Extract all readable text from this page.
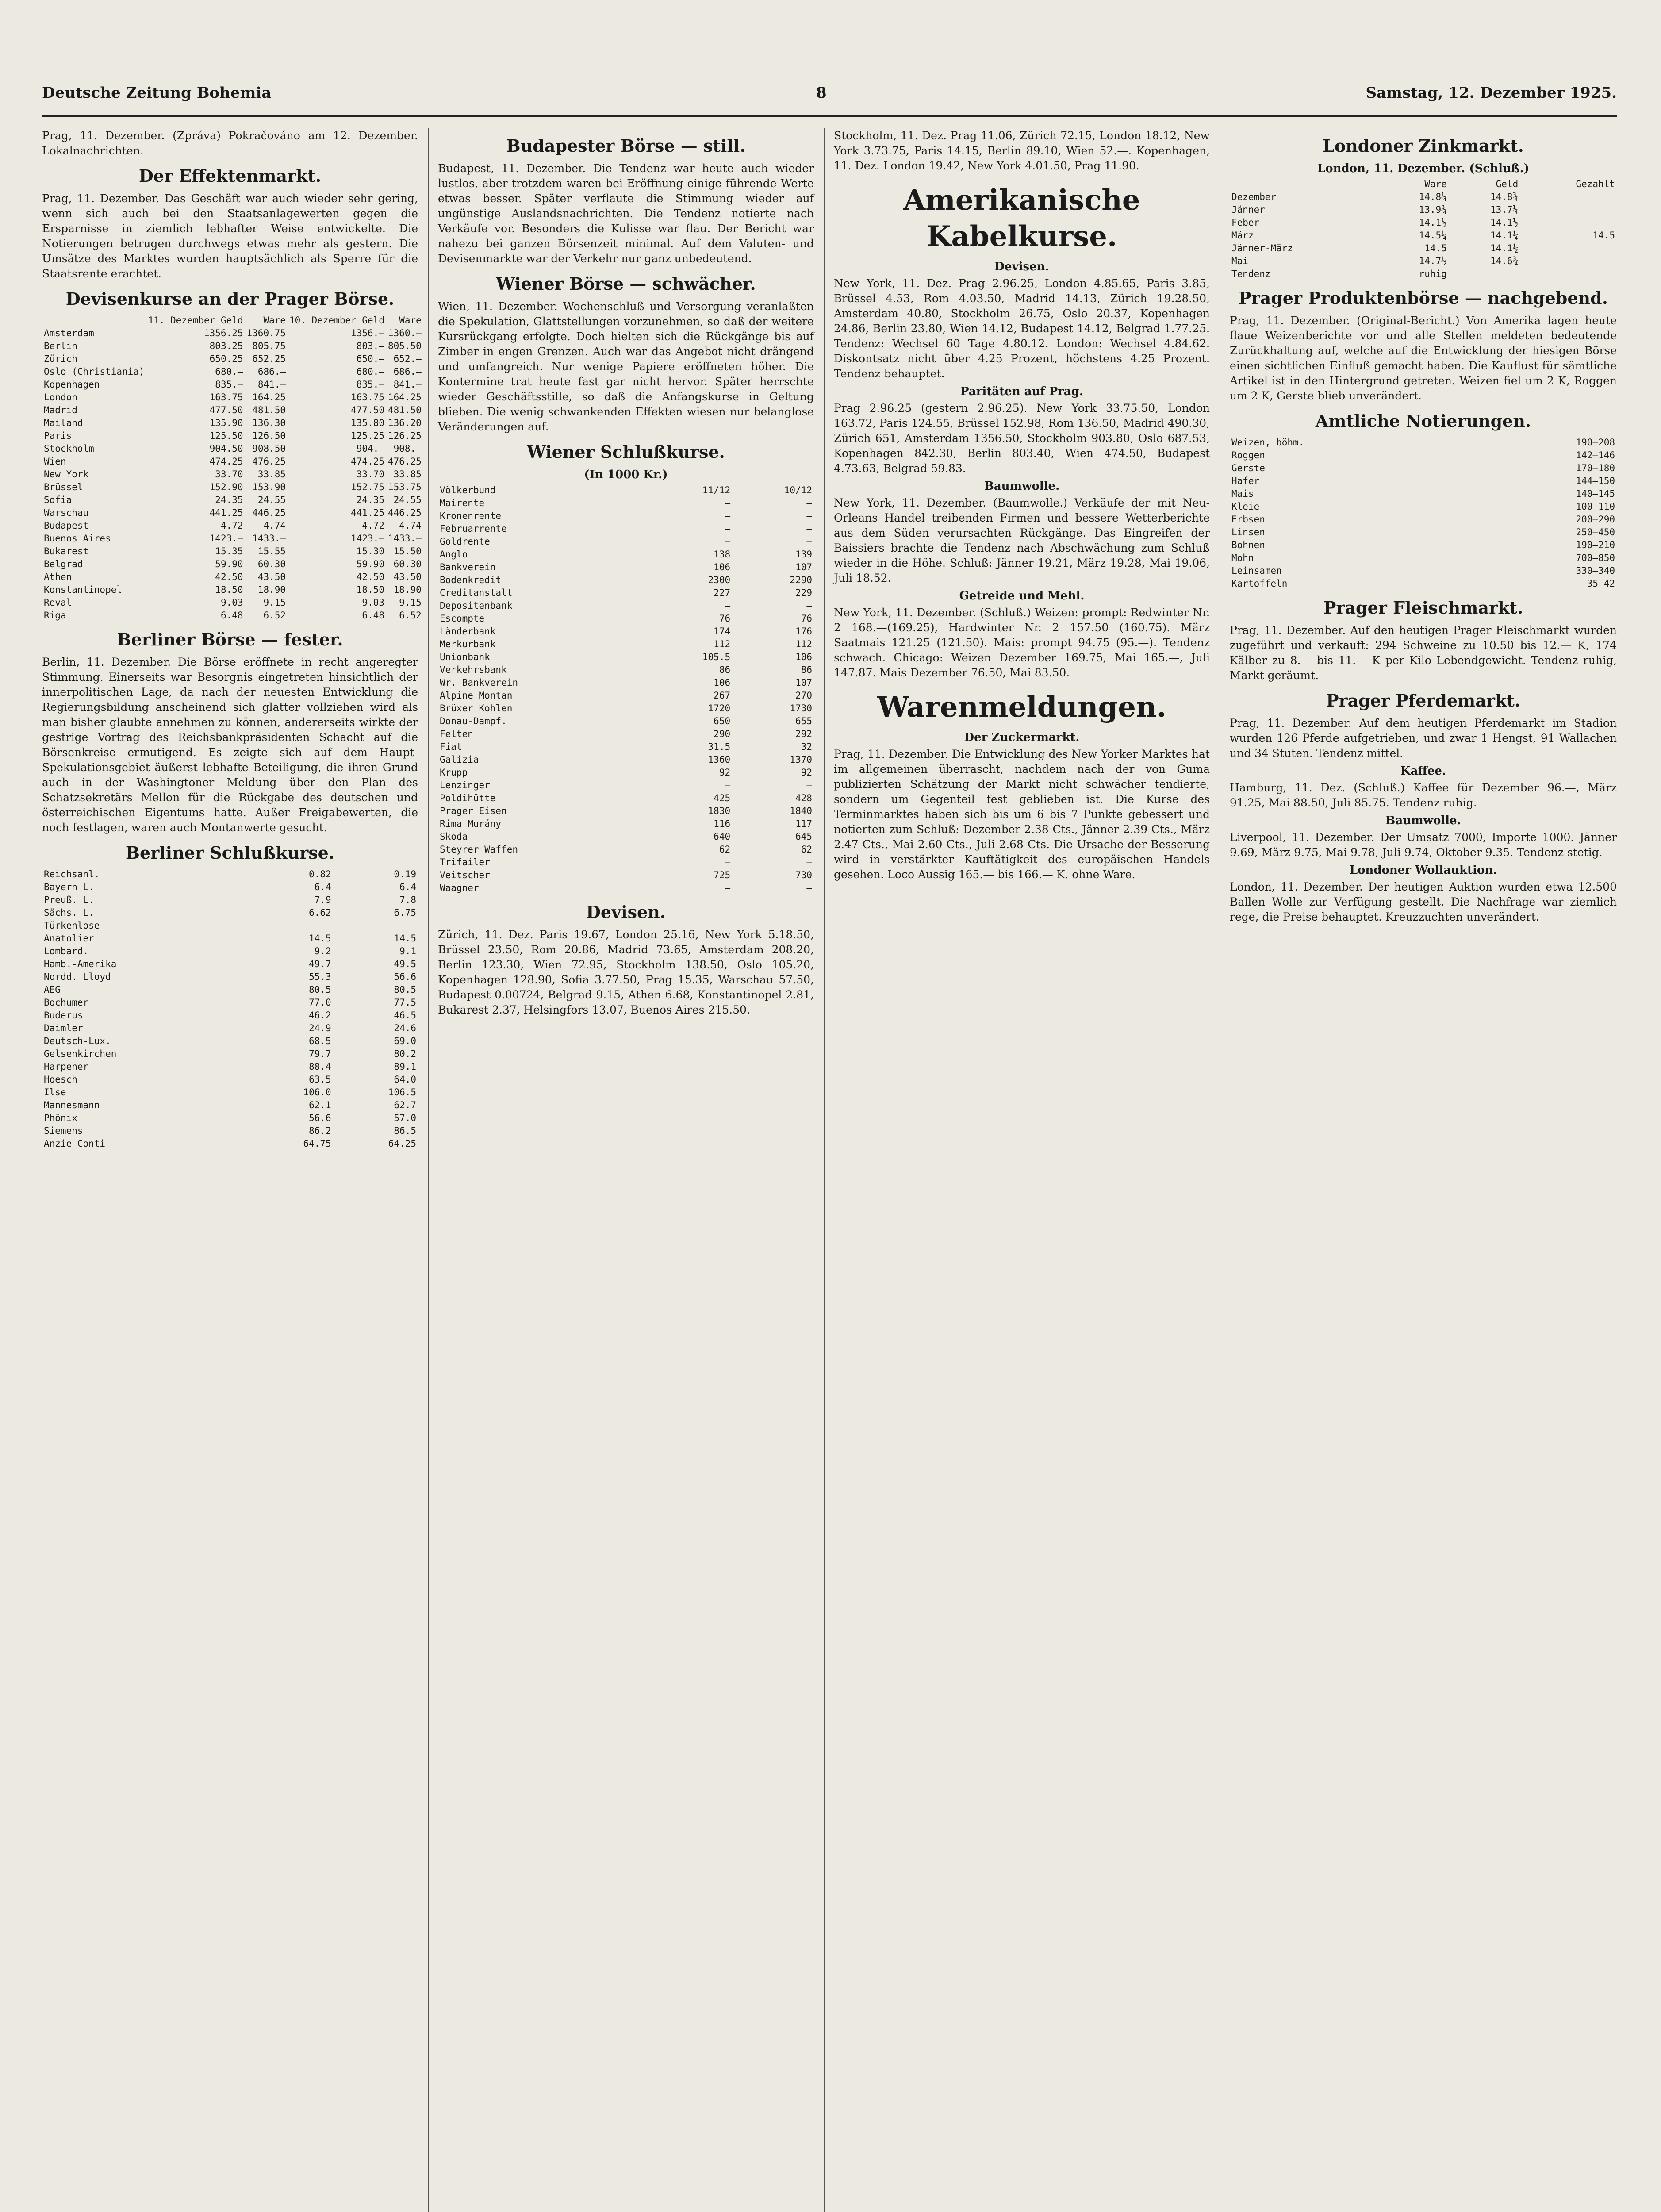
Deutsche Zeitung Bohemia	8	Samstag, 12. Dezember 1925.
Prag, 11. Dezember. (Zpráva) Pokračováno am 12. Dezember. Lokalnachrichten.
Der Effektenmarkt.
Prag, 11. Dezember. Das Geschäft war auch wieder sehr gering, wenn sich auch bei den Staatsanlagewerten gegen die Ersparnisse in ziemlich lebhafter Weise entwickelte. Die Notierungen betrugen durchwegs etwas mehr als gestern. Die Umsätze des Marktes wurden hauptsächlich als Sperre für die Staatsrente erachtet.
Devisenkurse an der Prager Börse.
	11. Dezember Geld	Ware	10. Dezember Geld	Ware
Amsterdam	1356.25	1360.75	1356.—	1360.—
Berlin	803.25	805.75	803.—	805.50
Zürich	650.25	652.25	650.—	652.—
Oslo (Christiania)	680.—	686.—	680.—	686.—
Kopenhagen	835.—	841.—	835.—	841.—
London	163.75	164.25	163.75	164.25
Madrid	477.50	481.50	477.50	481.50
Mailand	135.90	136.30	135.80	136.20
Paris	125.50	126.50	125.25	126.25
Stockholm	904.50	908.50	904.—	908.—
Wien	474.25	476.25	474.25	476.25
New York	33.70	33.85	33.70	33.85
Brüssel	152.90	153.90	152.75	153.75
Sofia	24.35	24.55	24.35	24.55
Warschau	441.25	446.25	441.25	446.25
Budapest	4.72	4.74	4.72	4.74
Buenos Aires	1423.—	1433.—	1423.—	1433.—
Bukarest	15.35	15.55	15.30	15.50
Belgrad	59.90	60.30	59.90	60.30
Athen	42.50	43.50	42.50	43.50
Konstantinopel	18.50	18.90	18.50	18.90
Reval	9.03	9.15	9.03	9.15
Riga	6.48	6.52	6.48	6.52
Berliner Börse — fester.
Berlin, 11. Dezember. Die Börse eröffnete in recht angeregter Stimmung. Einerseits war Besorgnis eingetreten hinsichtlich der innerpolitischen Lage, da nach der neuesten Entwicklung die Regierungsbildung anscheinend sich glatter vollziehen wird als man bisher glaubte annehmen zu können, andererseits wirkte der gestrige Vortrag des Reichsbankpräsidenten Schacht auf die Börsenkreise ermutigend. Es zeigte sich auf dem Haupt-Spekulationsgebiet äußerst lebhafte Beteiligung, die ihren Grund auch in der Washingtoner Meldung über den Plan des Schatzsekretärs Mellon für die Rückgabe des deutschen und österreichischen Eigentums hatte. Außer Freigabewerten, die noch festlagen, waren auch Montanwerte gesucht.
Berliner Schlußkurse.
Reichsanl.	0.82	0.19
Bayern L.	6.4	6.4
Preuß. L.	7.9	7.8
Sächs. L.	6.62	6.75
Türkenlose	—	—
Anatolier	14.5	14.5
Lombard.	9.2	9.1
Hamb.-Amerika	49.7	49.5
Nordd. Lloyd	55.3	56.6
AEG	80.5	80.5
Bochumer	77.0	77.5
Buderus	46.2	46.5
Daimler	24.9	24.6
Deutsch-Lux.	68.5	69.0
Gelsenkirchen	79.7	80.2
Harpener	88.4	89.1
Hoesch	63.5	64.0
Ilse	106.0	106.5
Mannesmann	62.1	62.7
Phönix	56.6	57.0
Siemens	86.2	86.5
Anzie Conti	64.75	64.25
Budapester Börse — still.
Budapest, 11. Dezember. Die Tendenz war heute auch wieder lustlos, aber trotzdem waren bei Eröffnung einige führende Werte etwas besser. Später verflaute die Stimmung wieder auf ungünstige Auslandsnachrichten. Die Tendenz notierte nach Verkäufe vor. Besonders die Kulisse war flau. Der Bericht war nahezu bei ganzen Börsenzeit minimal. Auf dem Valuten- und Devisenmarkte war der Verkehr nur ganz unbedeutend.
Wiener Börse — schwächer.
Wien, 11. Dezember. Wochenschluß und Versorgung veranlaßten die Spekulation, Glattstellungen vorzunehmen, so daß der weitere Kursrückgang erfolgte. Doch hielten sich die Rückgänge bis auf Zimber in engen Grenzen. Auch war das Angebot nicht drängend und umfangreich. Nur wenige Papiere eröffneten höher. Die Kontermine trat heute fast gar nicht hervor. Später herrschte wieder Geschäftsstille, so daß die Anfangskurse in Geltung blieben. Die wenig schwankenden Effekten wiesen nur belanglose Veränderungen auf.
Wiener Schlußkurse.
(In 1000 Kr.)
Völkerbund	11/12	10/12
Mairente	—	—
Kronenrente	—	—
Februarrente	—	—
Goldrente	—	—
Anglo	138	139
Bankverein	106	107
Bodenkredit	2300	2290
Creditanstalt	227	229
Depositenbank	—	—
Escompte	76	76
Länderbank	174	176
Merkurbank	112	112
Unionbank	105.5	106
Verkehrsbank	86	86
Wr. Bankverein	106	107
Alpine Montan	267	270
Brüxer Kohlen	1720	1730
Donau-Dampf.	650	655
Felten	290	292
Fiat	31.5	32
Galizia	1360	1370
Krupp	92	92
Lenzinger	—	—
Poldihütte	425	428
Prager Eisen	1830	1840
Rima Murány	116	117
Skoda	640	645
Steyrer Waffen	62	62
Trifailer	—	—
Veitscher	725	730
Waagner	—	—
Devisen.
Zürich, 11. Dez. Paris 19.67, London 25.16, New York 5.18.50, Brüssel 23.50, Rom 20.86, Madrid 73.65, Amsterdam 208.20, Berlin 123.30, Wien 72.95, Stockholm 138.50, Oslo 105.20, Kopenhagen 128.90, Sofia 3.77.50, Prag 15.35, Warschau 57.50, Budapest 0.00724, Belgrad 9.15, Athen 6.68, Konstantinopel 2.81, Bukarest 2.37, Helsingfors 13.07, Buenos Aires 215.50.
Stockholm, 11. Dez. Prag 11.06, Zürich 72.15, London 18.12, New York 3.73.75, Paris 14.15, Berlin 89.10, Wien 52.—. Kopenhagen, 11. Dez. London 19.42, New York 4.01.50, Prag 11.90.
Amerikanische Kabelkurse.
Devisen.
New York, 11. Dez. Prag 2.96.25, London 4.85.65, Paris 3.85, Brüssel 4.53, Rom 4.03.50, Madrid 14.13, Zürich 19.28.50, Amsterdam 40.80, Stockholm 26.75, Oslo 20.37, Kopenhagen 24.86, Berlin 23.80, Wien 14.12, Budapest 14.12, Belgrad 1.77.25. Tendenz: Wechsel 60 Tage 4.80.12. London: Wechsel 4.84.62. Diskontsatz nicht über 4.25 Prozent, höchstens 4.25 Prozent. Tendenz behauptet.
Paritäten auf Prag.
Prag 2.96.25 (gestern 2.96.25). New York 33.75.50, London 163.72, Paris 124.55, Brüssel 152.98, Rom 136.50, Madrid 490.30, Zürich 651, Amsterdam 1356.50, Stockholm 903.80, Oslo 687.53, Kopenhagen 842.30, Berlin 803.40, Wien 474.50, Budapest 4.73.63, Belgrad 59.83.
Baumwolle.
New York, 11. Dezember. (Baumwolle.) Verkäufe der mit Neu-Orleans Handel treibenden Firmen und bessere Wetterberichte aus dem Süden verursachten Rückgänge. Das Eingreifen der Baissiers brachte die Tendenz nach Abschwächung zum Schluß wieder in die Höhe. Schluß: Jänner 19.21, März 19.28, Mai 19.06, Juli 18.52.
Getreide und Mehl.
New York, 11. Dezember. (Schluß.) Weizen: prompt: Redwinter Nr. 2 168.—(169.25), Hardwinter Nr. 2 157.50 (160.75). März Saatmais 121.25 (121.50). Mais: prompt 94.75 (95.—). Tendenz schwach. Chicago: Weizen Dezember 169.75, Mai 165.—, Juli 147.87. Mais Dezember 76.50, Mai 83.50.
Warenmeldungen.
Der Zuckermarkt.
Prag, 11. Dezember. Die Entwicklung des New Yorker Marktes hat im allgemeinen überrascht, nachdem nach der von Guma publizierten Schätzung der Markt nicht schwächer tendierte, sondern um Gegenteil fest geblieben ist. Die Kurse des Terminmarktes haben sich bis um 6 bis 7 Punkte gebessert und notierten zum Schluß: Dezember 2.38 Cts., Jänner 2.39 Cts., März 2.47 Cts., Mai 2.60 Cts., Juli 2.68 Cts. Die Ursache der Besserung wird in verstärkter Kauftätigkeit des europäischen Handels gesehen. Loco Aussig 165.— bis 166.— K. ohne Ware.
Londoner Zinkmarkt.
London, 11. Dezember. (Schluß.)
	Ware	Geld	Gezahlt
Dezember	14.8¼	14.8¾	
Jänner	13.9¾	13.7¼	
Feber	14.1½	14.1½	
März	14.5¼	14.1¼	14.5
Jänner-März	14.5	14.1½	
Mai	14.7½	14.6¾	
Tendenz	ruhig		
Prager Produktenbörse — nachgebend.
Prag, 11. Dezember. (Original-Bericht.) Von Amerika lagen heute flaue Weizenberichte vor und alle Stellen meldeten bedeutende Zurückhaltung auf, welche auf die Entwicklung der hiesigen Börse einen sichtlichen Einfluß gemacht haben. Die Kauflust für sämtliche Artikel ist in den Hintergrund getreten. Weizen fiel um 2 K, Roggen um 2 K, Gerste blieb unverändert.
Amtliche Notierungen.
Weizen, böhm.	190—208
Roggen	142—146
Gerste	170—180
Hafer	144—150
Mais	140—145
Kleie	100—110
Erbsen	200—290
Linsen	250—450
Bohnen	190—210
Mohn	700—850
Leinsamen	330—340
Kartoffeln	35—42
Prager Fleischmarkt.
Prag, 11. Dezember. Auf den heutigen Prager Fleischmarkt wurden zugeführt und verkauft: 294 Schweine zu 10.50 bis 12.— K, 174 Kälber zu 8.— bis 11.— K per Kilo Lebendgewicht. Tendenz ruhig, Markt geräumt.
Prager Pferdemarkt.
Prag, 11. Dezember. Auf dem heutigen Pferdemarkt im Stadion wurden 126 Pferde aufgetrieben, und zwar 1 Hengst, 91 Wallachen und 34 Stuten. Tendenz mittel.
Kaffee.
Hamburg, 11. Dez. (Schluß.) Kaffee für Dezember 96.—, März 91.25, Mai 88.50, Juli 85.75. Tendenz ruhig.
Baumwolle.
Liverpool, 11. Dezember. Der Umsatz 7000, Importe 1000. Jänner 9.69, März 9.75, Mai 9.78, Juli 9.74, Oktober 9.35. Tendenz stetig.
Londoner Wollauktion.
London, 11. Dezember. Der heutigen Auktion wurden etwa 12.500 Ballen Wolle zur Verfügung gestellt. Die Nachfrage war ziemlich rege, die Preise behauptet. Kreuzzuchten unverändert.
